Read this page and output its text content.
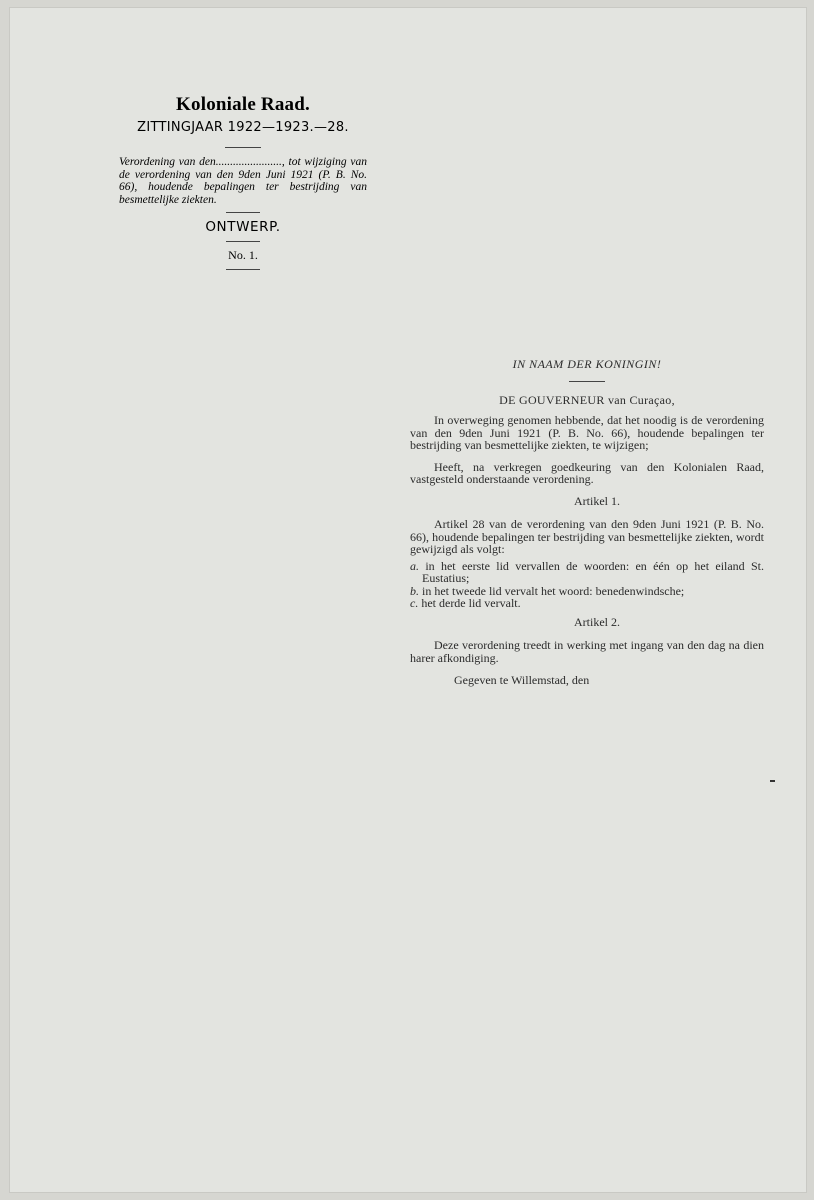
Koloniale Raad.
ZITTINGJAAR 1922—1923.—28.

Verordening van den......................., tot wijziging van de verordening van den 9den Juni 1921 (P. B. No. 66), houdende bepalingen ter bestrijding van besmettelijke ziekten.

ONTWERP.
No. 1.

IN NAAM DER KONINGIN!

DE GOUVERNEUR van Curaçao,

In overweging genomen hebbende, dat het noodig is de verordening van den 9den Juni 1921 (P. B. No. 66), houdende bepalingen ter bestrijding van besmettelijke ziekten, te wijzigen;

Heeft, na verkregen goedkeuring van den Kolonialen Raad, vastgesteld onderstaande verordening.

Artikel 1.

Artikel 28 van de verordening van den 9den Juni 1921 (P. B. No. 66), houdende bepalingen ter bestrijding van besmettelijke ziekten, wordt gewijzigd als volgt:

a. in het eerste lid vervallen de woorden: en één op het eiland St. Eustatius;
b. in het tweede lid vervalt het woord: benedenwindsche;
c. het derde lid vervalt.

Artikel 2.

Deze verordening treedt in werking met ingang van den dag na dien harer afkondiging.

Gegeven te Willemstad, den
